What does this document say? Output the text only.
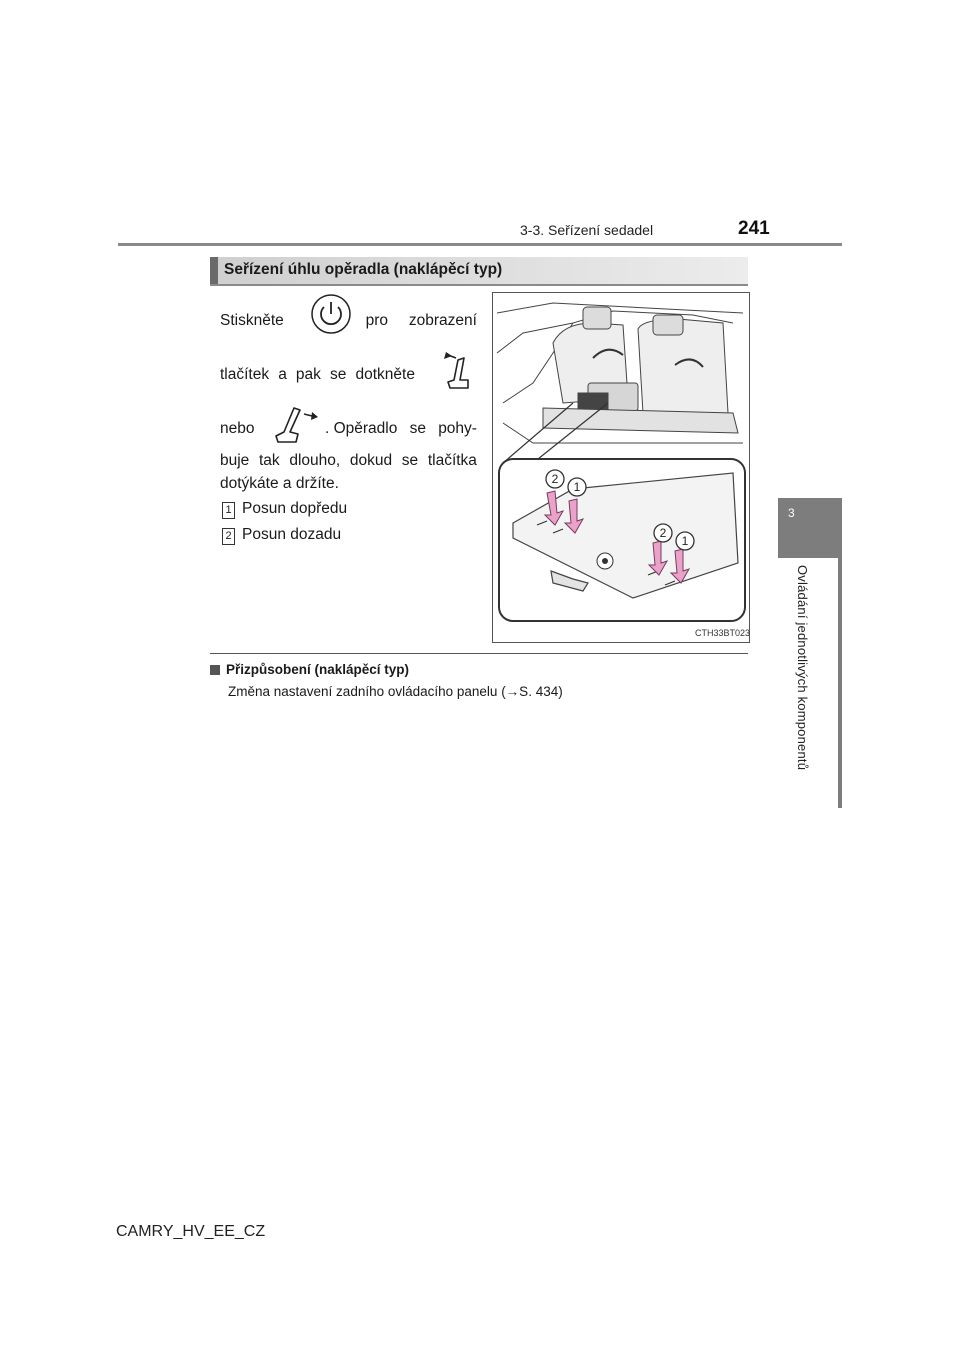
3-3. Seřízení sedadel	241
3
Ovládání jednotlivých komponentů
Seřízení úhlu opěradla (naklápěcí typ)
Stiskněte	pro zobrazení
tlačítek a pak se dotkněte
nebo	. Opěradlo se pohy-
buje tak dlouho, dokud se tlačítka
dotýkáte a držíte.
1 Posun dopředu
2 Posun dozadu
2
1
2
1
CTH33BT023
Přizpůsobení (naklápěcí typ)
Změna nastavení zadního ovládacího panelu (→S. 434)
CAMRY_HV_EE_CZ
